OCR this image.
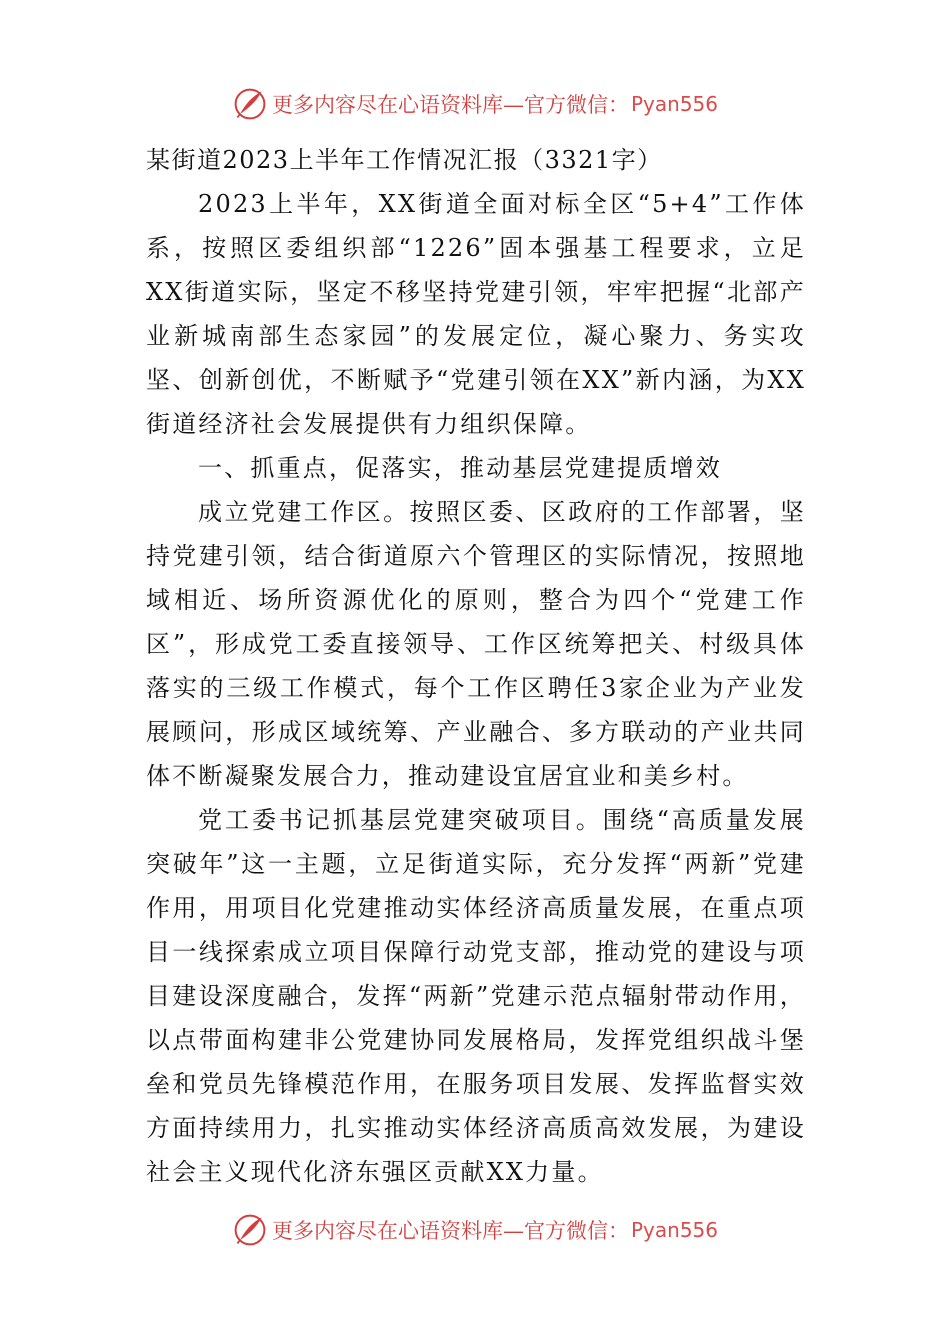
更多内容尽在心语资料库—官方微信： Pyan556

某街道2023上半年工作情况汇报（3321字）

2023上半年，XX街道全面对标全区“5+4”工作体系，按照区委组织部“1226”固本强基工程要求，立足XX街道实际，坚定不移坚持党建引领，牢牢把握“北部产业新城南部生态家园”的发展定位，凝心聚力、务实攻坚、创新创优，不断赋予“党建引领在XX”新内涵，为XX街道经济社会发展提供有力组织保障。

一、抓重点，促落实，推动基层党建提质增效

成立党建工作区。按照区委、区政府的工作部署，坚持党建引领，结合街道原六个管理区的实际情况，按照地域相近、场所资源优化的原则，整合为四个“党建工作区”，形成党工委直接领导、工作区统筹把关、村级具体落实的三级工作模式，每个工作区聘任3家企业为产业发展顾问，形成区域统筹、产业融合、多方联动的产业共同体不断凝聚发展合力，推动建设宜居宜业和美乡村。

党工委书记抓基层党建突破项目。围绕“高质量发展突破年”这一主题，立足街道实际，充分发挥“两新”党建作用，用项目化党建推动实体经济高质量发展，在重点项目一线探索成立项目保障行动党支部，推动党的建设与项目建设深度融合，发挥“两新”党建示范点辐射带动作用，以点带面构建非公党建协同发展格局，发挥党组织战斗堡垒和党员先锋模范作用，在服务项目发展、发挥监督实效方面持续用力，扎实推动实体经济高质高效发展，为建设社会主义现代化济东强区贡献XX力量。

更多内容尽在心语资料库—官方微信： Pyan556
